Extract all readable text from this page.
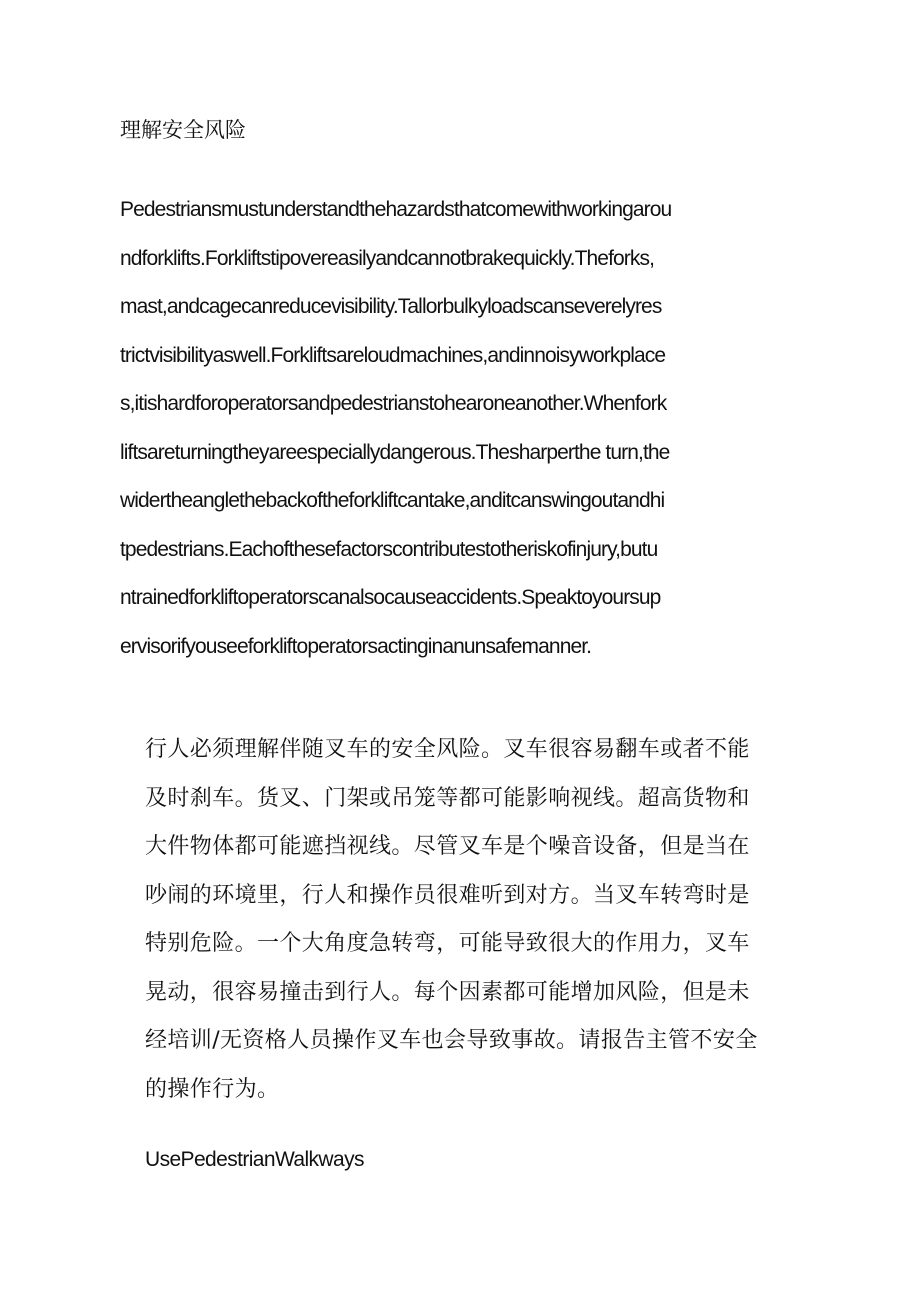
理解安全风险
Pedestriansmustunderstandthehazardsthatcomewithworkingarou
ndforklifts.Forkliftstipovereasilyandcannotbrakequickly.Theforks,
mast,andcagecanreducevisibility.Tallorbulkyloadscanseverelyres
trictvisibilityaswell.Forkliftsareloudmachines,andinnoisyworkplace
s,itishardforoperatorsandpedestrianstohearoneanother.Whenfork
liftsareturningtheyareespeciallydangerous.Thesharperthe turn,the
widertheanglethebackoftheforkliftcantake,anditcanswingoutandhi
tpedestrians.Eachofthesefactorscontributestotheriskofinjury,butu
ntrainedforkliftoperatorscanalsocauseaccidents.Speaktoyoursup
ervisorifyouseeforkliftoperatorsactinginanunsafemanner.
行人必须理解伴随叉车的安全风险。叉车很容易翻车或者不能
及时刹车。货叉、门架或吊笼等都可能影响视线。超高货物和
大件物体都可能遮挡视线。尽管叉车是个噪音设备，但是当在
吵闹的环境里，行人和操作员很难听到对方。当叉车转弯时是
特别危险。一个大角度急转弯，可能导致很大的作用力，叉车
晃动，很容易撞击到行人。每个因素都可能增加风险，但是未
经培训/无资格人员操作叉车也会导致事故。请报告主管不安全
的操作行为。
UsePedestrianWalkways
